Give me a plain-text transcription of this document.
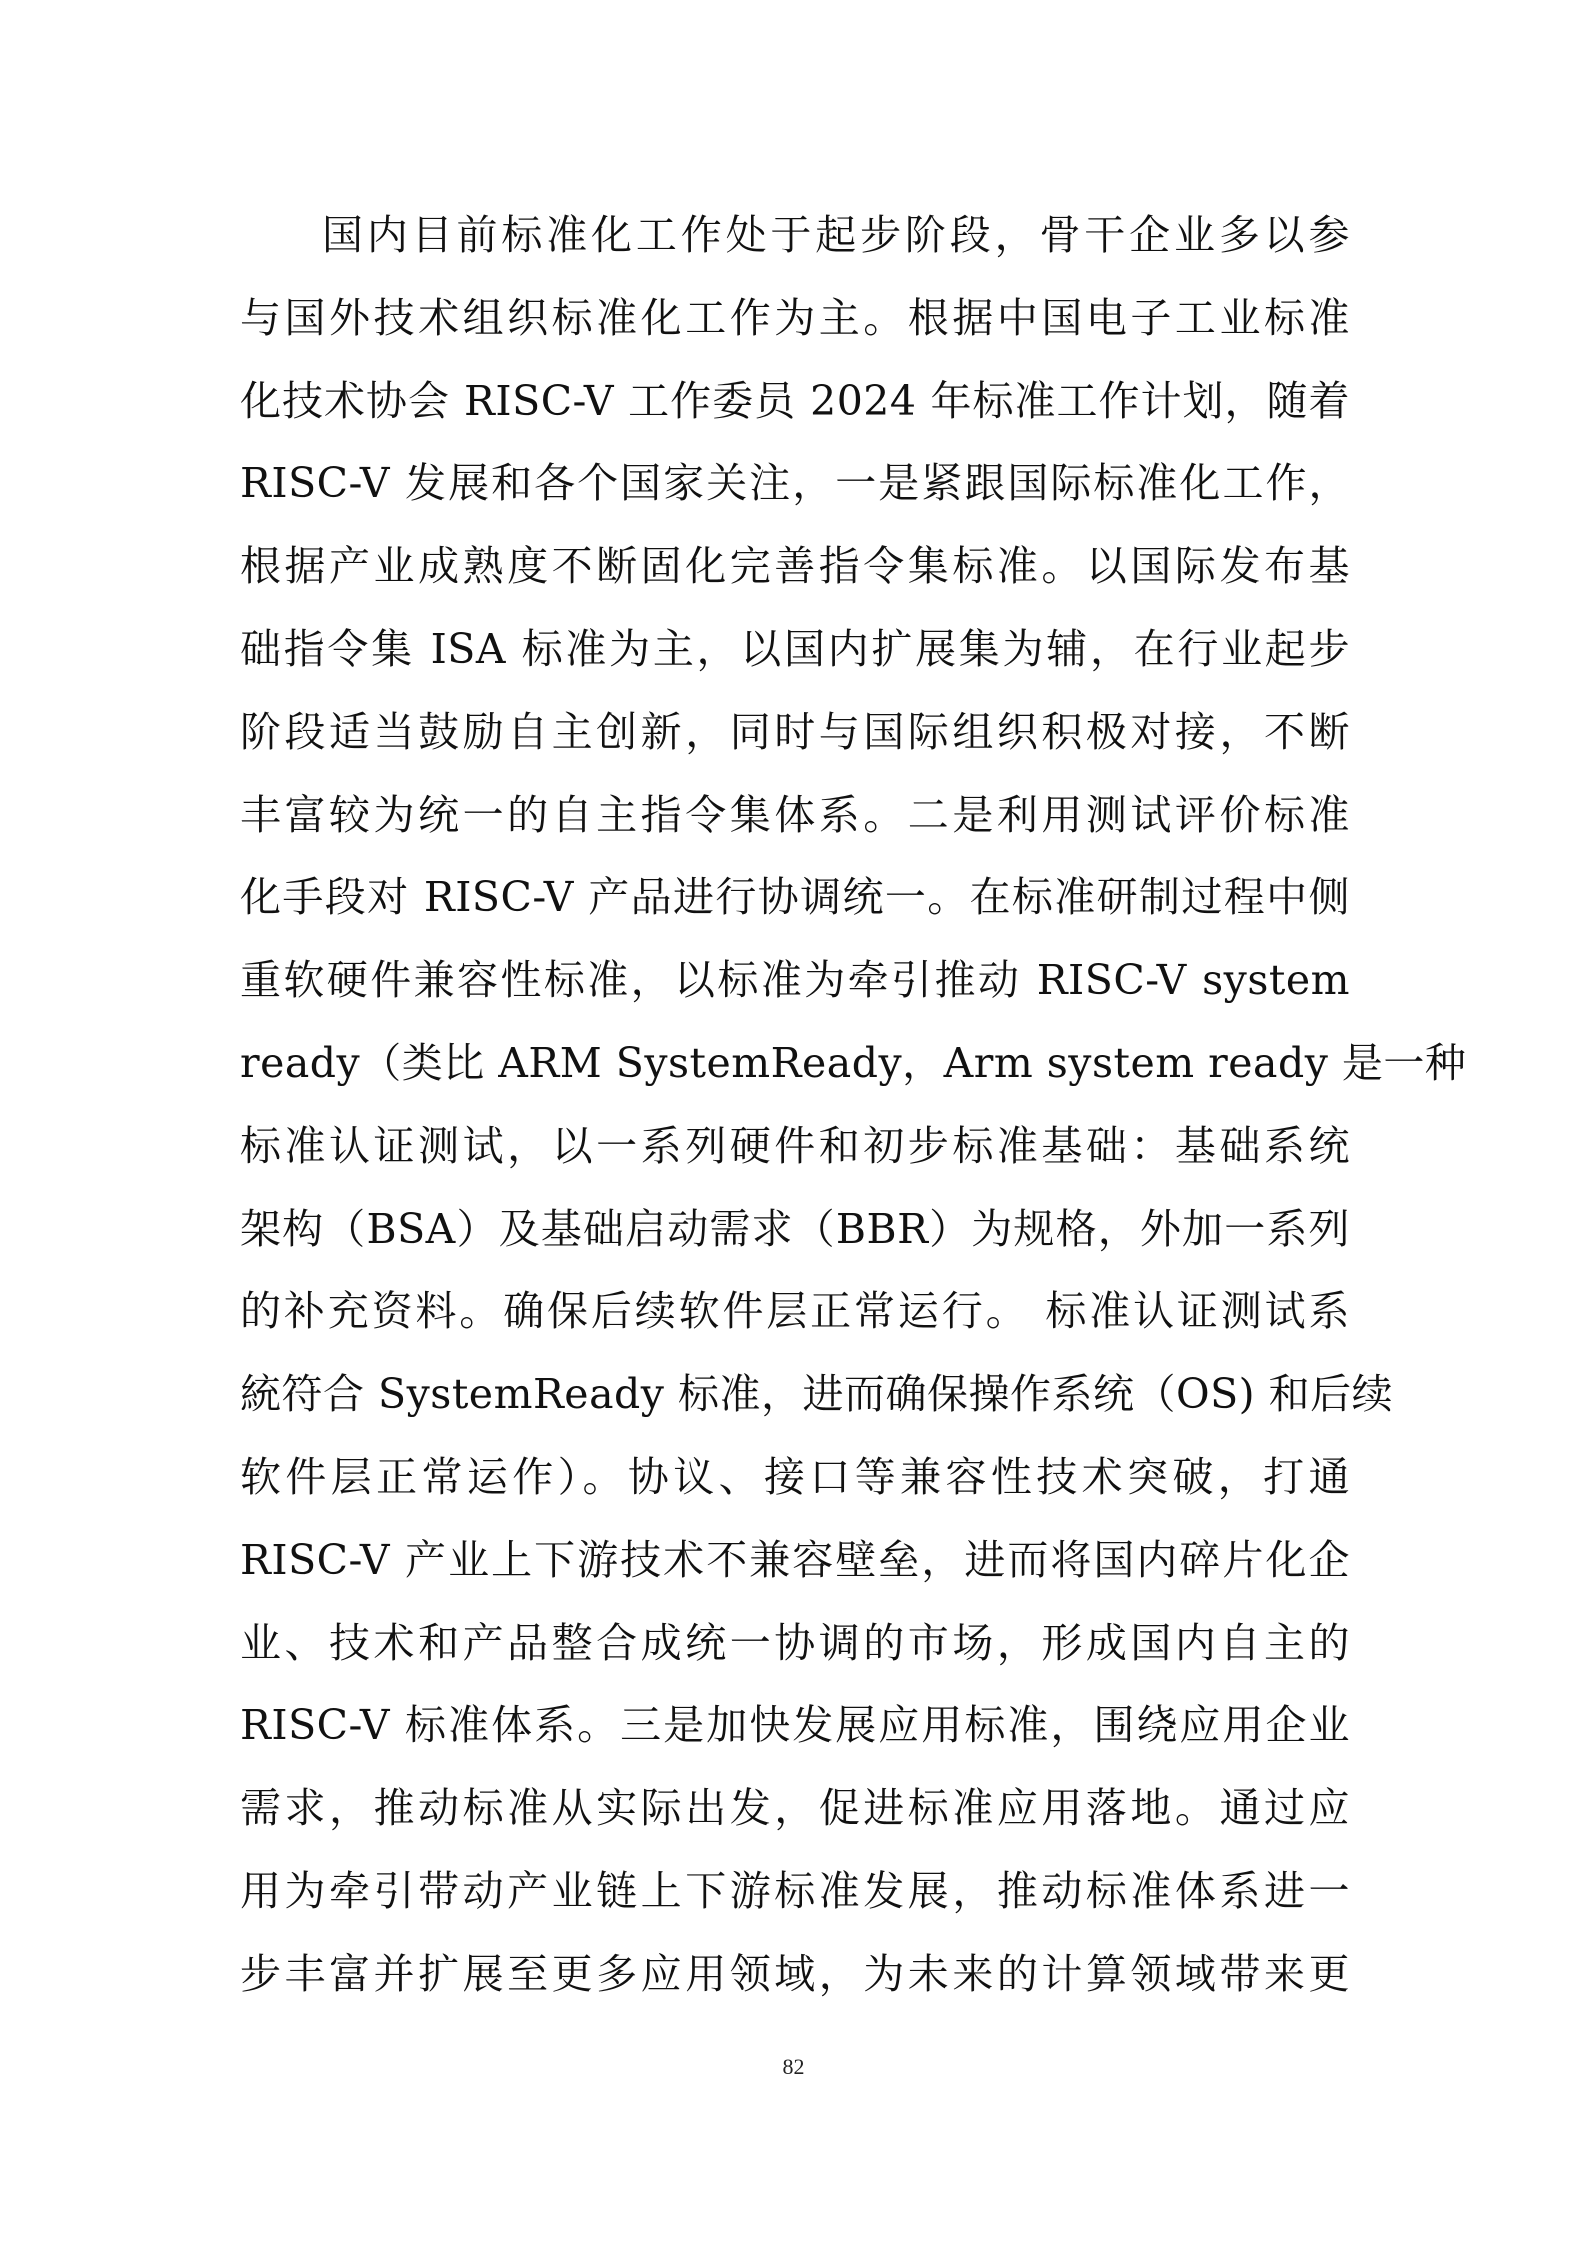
国内目前标准化工作处于起步阶段，骨干企业多以参
与国外技术组织标准化工作为主。根据中国电子工业标准
化技术协会 RISC-V 工作委员 2024 年标准工作计划，随着
RISC-V 发展和各个国家关注，一是紧跟国际标准化工作，
根据产业成熟度不断固化完善指令集标准。以国际发布基
础指令集 ISA 标准为主，以国内扩展集为辅，在行业起步
阶段适当鼓励自主创新，同时与国际组织积极对接，不断
丰富较为统一的自主指令集体系。二是利用测试评价标准
化手段对 RISC-V 产品进行协调统一。在标准研制过程中侧
重软硬件兼容性标准，以标准为牵引推动 RISC-V system
ready（类比 ARM SystemReady，Arm system ready 是一种
标准认证测试，以一系列硬件和初步标准基础：基础系统
架构（BSA）及基础启动需求（BBR）为规格，外加一系列
的补充资料。确保后续软件层正常运行。 标准认证测试系
統符合 SystemReady 标准，进而确保操作系统（OS) 和后续
软件层正常运作）。协议、接口等兼容性技术突破，打通
RISC-V 产业上下游技术不兼容壁垒，进而将国内碎片化企
业、技术和产品整合成统一协调的市场，形成国内自主的
RISC-V 标准体系。三是加快发展应用标准，围绕应用企业
需求，推动标准从实际出发，促进标准应用落地。通过应
用为牵引带动产业链上下游标准发展，推动标准体系进一
步丰富并扩展至更多应用领域，为未来的计算领域带来更
82
